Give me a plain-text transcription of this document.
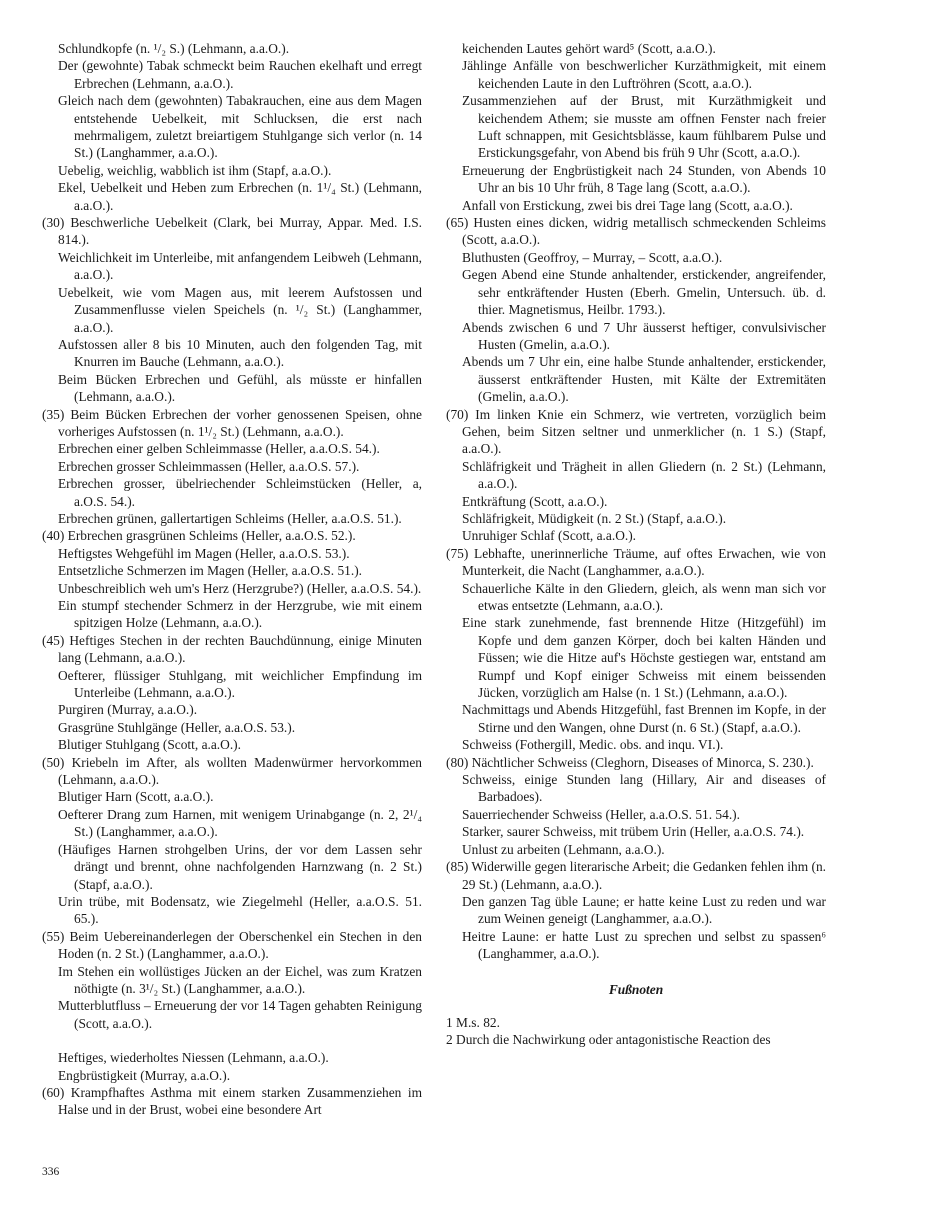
Schlundkopfe (n. ¹/₂ S.) (Lehmann, a.a.O.).
Der (gewohnte) Tabak schmeckt beim Rauchen ekelhaft und erregt Erbrechen (Lehmann, a.a.O.).
Gleich nach dem (gewohnten) Tabakrauchen, eine aus dem Magen entstehende Uebelkeit, mit Schlucksen, die erst nach mehrmaligem, zuletzt breiartigem Stuhlgange sich verlor (n. 14 St.) (Langhammer, a.a.O.).
Uebelig, weichlig, wabblich ist ihm (Stapf, a.a.O.).
Ekel, Uebelkeit und Heben zum Erbrechen (n. 1¹/₄ St.) (Lehmann, a.a.O.).
(30) Beschwerliche Uebelkeit (Clark, bei Murray, Appar. Med. I.S. 814.).
Weichlichkeit im Unterleibe, mit anfangendem Leibweh (Lehmann, a.a.O.).
Uebelkeit, wie vom Magen aus, mit leerem Aufstossen und Zusammenflusse vielen Speichels (n. ¹/₂ St.) (Langhammer, a.a.O.).
Aufstossen aller 8 bis 10 Minuten, auch den folgenden Tag, mit Knurren im Bauche (Lehmann, a.a.O.).
Beim Bücken Erbrechen und Gefühl, als müsste er hinfallen (Lehmann, a.a.O.).
(35) Beim Bücken Erbrechen der vorher genossenen Speisen, ohne vorheriges Aufstossen (n. 1¹/₂ St.) (Lehmann, a.a.O.).
Erbrechen einer gelben Schleimmasse (Heller, a.a.O.S. 54.).
Erbrechen grosser Schleimmassen (Heller, a.a.O.S. 57.).
Erbrechen grosser, übelriechender Schleimstücken (Heller, a, a.O.S. 54.).
Erbrechen grünen, gallertartigen Schleims (Heller, a.a.O.S. 51.).
(40) Erbrechen grasgrünen Schleims (Heller, a.a.O.S. 52.).
Heftigstes Wehgefühl im Magen (Heller, a.a.O.S. 53.).
Entsetzliche Schmerzen im Magen (Heller, a.a.O.S. 51.).
Unbeschreiblich weh um's Herz (Herzgrube?) (Heller, a.a.O.S. 54.).
Ein stumpf stechender Schmerz in der Herzgrube, wie mit einem spitzigen Holze (Lehmann, a.a.O.).
(45) Heftiges Stechen in der rechten Bauchdünnung, einige Minuten lang (Lehmann, a.a.O.).
Oefterer, flüssiger Stuhlgang, mit weichlicher Empfindung im Unterleibe (Lehmann, a.a.O.).
Purgiren (Murray, a.a.O.).
Grasgrüne Stuhlgänge (Heller, a.a.O.S. 53.).
Blutiger Stuhlgang (Scott, a.a.O.).
(50) Kriebeln im After, als wollten Madenwürmer hervorkommen (Lehmann, a.a.O.).
Blutiger Harn (Scott, a.a.O.).
Oefterer Drang zum Harnen, mit wenigem Urinabgange (n. 2, 2¹/₄ St.) (Langhammer, a.a.O.).
(Häufiges Harnen strohgelben Urins, der vor dem Lassen sehr drängt und brennt, ohne nachfolgenden Harnzwang (n. 2 St.) (Stapf, a.a.O.).
Urin trübe, mit Bodensatz, wie Ziegelmehl (Heller, a.a.O.S. 51. 65.).
(55) Beim Uebereinanderlegen der Oberschenkel ein Stechen in den Hoden (n. 2 St.) (Langhammer, a.a.O.).
Im Stehen ein wollüstiges Jücken an der Eichel, was zum Kratzen nöthigte (n. 3¹/₂ St.) (Langhammer, a.a.O.).
Mutterblutfluss – Erneuerung der vor 14 Tagen gehabten Reinigung (Scott, a.a.O.).
Heftiges, wiederholtes Niessen (Lehmann, a.a.O.).
Engbrüstigkeit (Murray, a.a.O.).
(60) Krampfhaftes Asthma mit einem starken Zusammenziehen im Halse und in der Brust, wobei eine besondere Art
keichenden Lautes gehört ward⁵ (Scott, a.a.O.).
Jählinge Anfälle von beschwerlicher Kurzäthmigkeit, mit einem keichenden Laute in den Luftröhren (Scott, a.a.O.).
Zusammenziehen auf der Brust, mit Kurzäthmigkeit und keichendem Athem; sie musste am offnen Fenster nach freier Luft schnappen, mit Gesichtsblässe, kaum fühlbarem Pulse und Erstickungsgefahr, von Abend bis früh 9 Uhr (Scott, a.a.O.).
Erneuerung der Engbrüstigkeit nach 24 Stunden, von Abends 10 Uhr an bis 10 Uhr früh, 8 Tage lang (Scott, a.a.O.).
Anfall von Erstickung, zwei bis drei Tage lang (Scott, a.a.O.).
(65) Husten eines dicken, widrig metallisch schmeckenden Schleims (Scott, a.a.O.).
Bluthusten (Geoffroy, – Murray, – Scott, a.a.O.).
Gegen Abend eine Stunde anhaltender, erstickender, angreifender, sehr entkräftender Husten (Eberh. Gmelin, Untersuch. üb. d. thier. Magnetismus, Heilbr. 1793.).
Abends zwischen 6 und 7 Uhr äusserst heftiger, convulsivischer Husten (Gmelin, a.a.O.).
Abends um 7 Uhr ein, eine halbe Stunde anhaltender, erstickender, äusserst entkräftender Husten, mit Kälte der Extremitäten (Gmelin, a.a.O.).
(70) Im linken Knie ein Schmerz, wie vertreten, vorzüglich beim Gehen, beim Sitzen seltner und unmerklicher (n. 1 S.) (Stapf, a.a.O.).
Schläfrigkeit und Trägheit in allen Gliedern (n. 2 St.) (Lehmann, a.a.O.).
Entkräftung (Scott, a.a.O.).
Schläfrigkeit, Müdigkeit (n. 2 St.) (Stapf, a.a.O.).
Unruhiger Schlaf (Scott, a.a.O.).
(75) Lebhafte, unerinnerliche Träume, auf oftes Erwachen, wie von Munterkeit, die Nacht (Langhammer, a.a.O.).
Schauerliche Kälte in den Gliedern, gleich, als wenn man sich vor etwas entsetzte (Lehmann, a.a.O.).
Eine stark zunehmende, fast brennende Hitze (Hitzgefühl) im Kopfe und dem ganzen Körper, doch bei kalten Händen und Füssen; wie die Hitze auf's Höchste gestiegen war, entstand am Rumpf und Kopf einiger Schweiss mit einem beissenden Jücken, vorzüglich am Halse (n. 1 St.) (Lehmann, a.a.O.).
Nachmittags und Abends Hitzgefühl, fast Brennen im Kopfe, in der Stirne und den Wangen, ohne Durst (n. 6 St.) (Stapf, a.a.O.).
Schweiss (Fothergill, Medic. obs. and inqu. VI.).
(80) Nächtlicher Schweiss (Cleghorn, Diseases of Minorca, S. 230.).
Schweiss, einige Stunden lang (Hillary, Air and diseases of Barbadoes).
Sauerriechender Schweiss (Heller, a.a.O.S. 51. 54.).
Starker, saurer Schweiss, mit trübem Urin (Heller, a.a.O.S. 74.).
Unlust zu arbeiten (Lehmann, a.a.O.).
(85) Widerwille gegen literarische Arbeit; die Gedanken fehlen ihm (n. 29 St.) (Lehmann, a.a.O.).
Den ganzen Tag üble Laune; er hatte keine Lust zu reden und war zum Weinen geneigt (Langhammer, a.a.O.).
Heitre Laune: er hatte Lust zu sprechen und selbst zu spassen⁶ (Langhammer, a.a.O.).
Fußnoten
1 M.s. 82.
2 Durch die Nachwirkung oder antagonistische Reaction des
336
